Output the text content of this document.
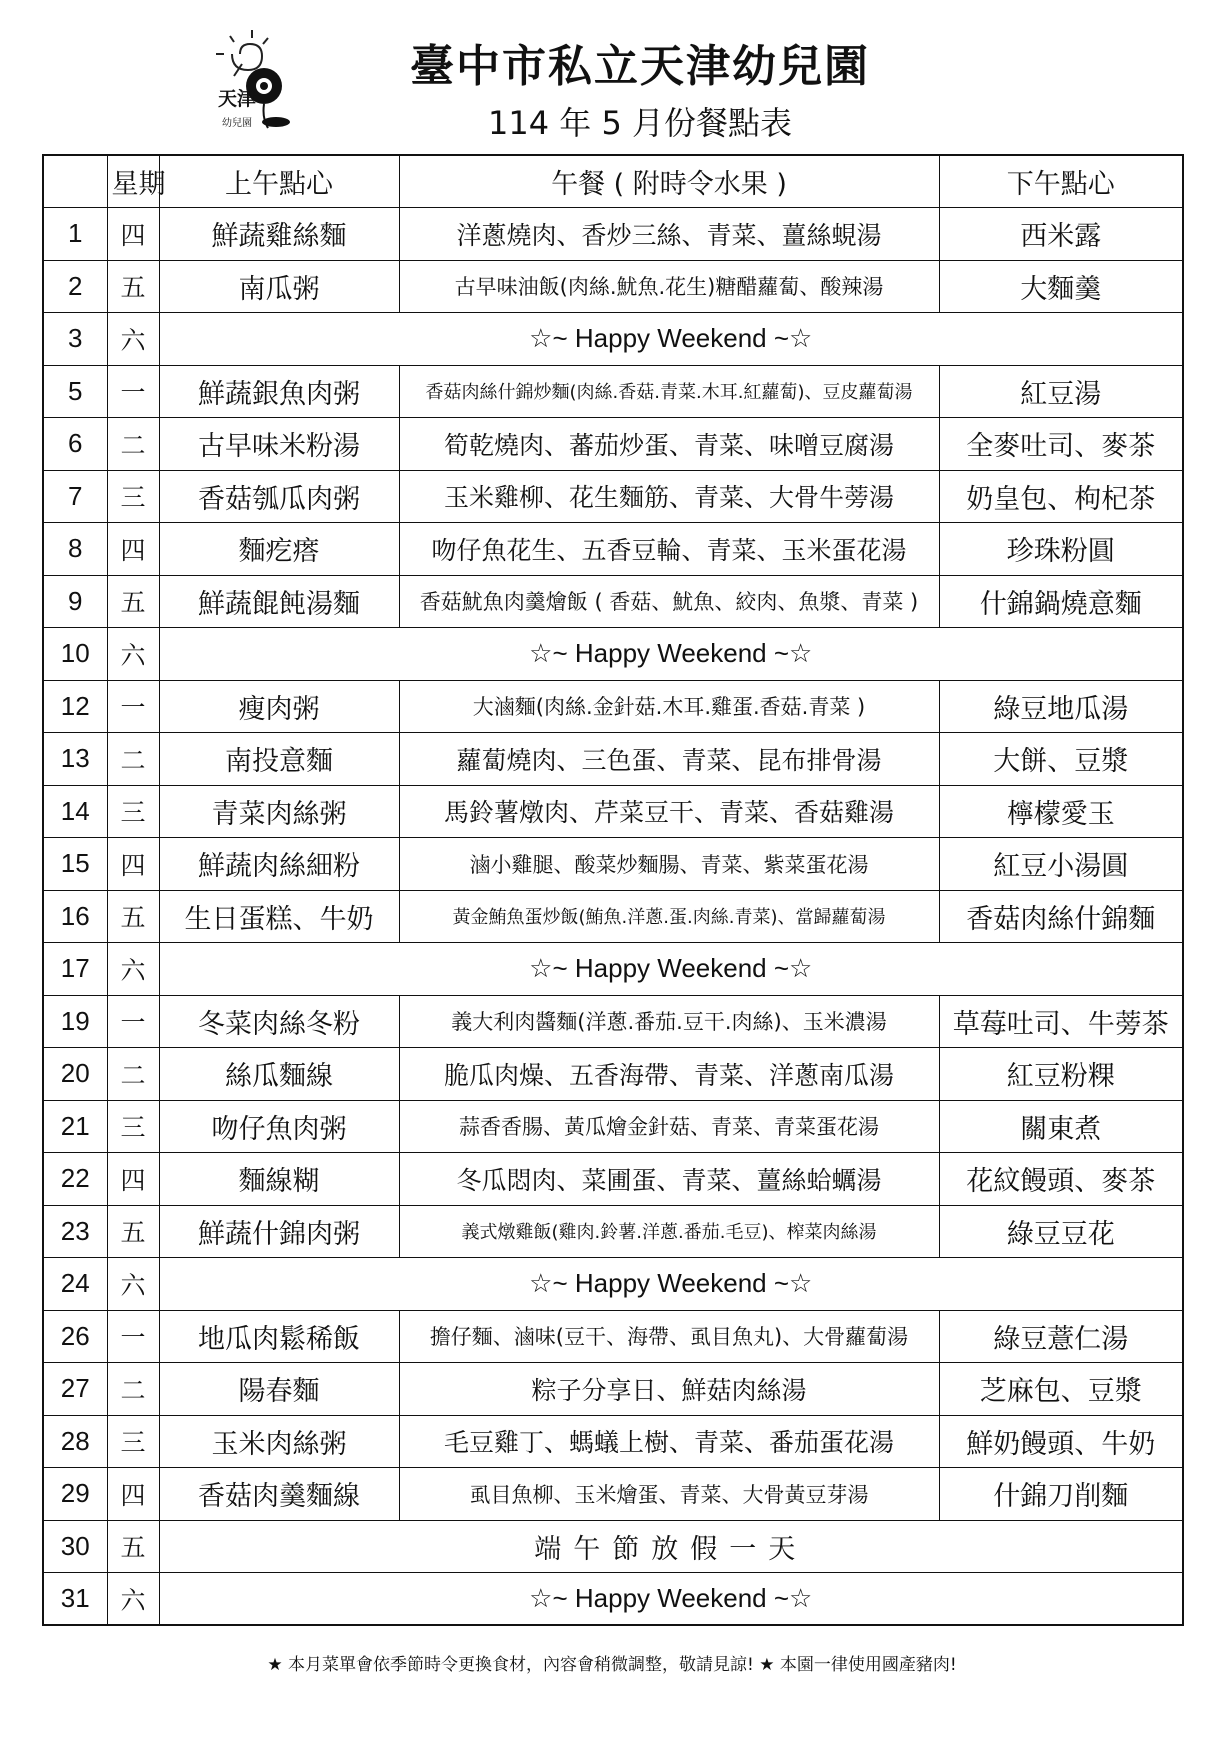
天津
幼兒園
臺中市私立天津幼兒園
114 年 5 月份餐點表
	星期	上午點心	午餐 ( 附時令水果 )	下午點心
1	四	鮮蔬雞絲麵	洋蔥燒肉、香炒三絲、青菜、薑絲蜆湯	西米露
2	五	南瓜粥	古早味油飯(肉絲.魷魚.花生)糖醋蘿蔔、酸辣湯	大麵羹
3	六	☆~ Happy Weekend ~☆		
5	一	鮮蔬銀魚肉粥	香菇肉絲什錦炒麵(肉絲.香菇.青菜.木耳.紅蘿蔔)、豆皮蘿蔔湯	紅豆湯
6	二	古早味米粉湯	筍乾燒肉、蕃茄炒蛋、青菜、味噌豆腐湯	全麥吐司、麥茶
7	三	香菇瓠瓜肉粥	玉米雞柳、花生麵筋、青菜、大骨牛蒡湯	奶皇包、枸杞茶
8	四	麵疙瘩	吻仔魚花生、五香豆輪、青菜、玉米蛋花湯	珍珠粉圓
9	五	鮮蔬餛飩湯麵	香菇魷魚肉羹燴飯 ( 香菇、魷魚、絞肉、魚漿、青菜 )	什錦鍋燒意麵
10	六	☆~ Happy Weekend ~☆		
12	一	瘦肉粥	大滷麵(肉絲.金針菇.木耳.雞蛋.香菇.青菜 )	綠豆地瓜湯
13	二	南投意麵	蘿蔔燒肉、三色蛋、青菜、昆布排骨湯	大餅、豆漿
14	三	青菜肉絲粥	馬鈴薯燉肉、芹菜豆干、青菜、香菇雞湯	檸檬愛玉
15	四	鮮蔬肉絲細粉	滷小雞腿、酸菜炒麵腸、青菜、紫菜蛋花湯	紅豆小湯圓
16	五	生日蛋糕、牛奶	黃金鮪魚蛋炒飯(鮪魚.洋蔥.蛋.肉絲.青菜)、當歸蘿蔔湯	香菇肉絲什錦麵
17	六	☆~ Happy Weekend ~☆		
19	一	冬菜肉絲冬粉	義大利肉醬麵(洋蔥.番茄.豆干.肉絲)、玉米濃湯	草莓吐司、牛蒡茶
20	二	絲瓜麵線	脆瓜肉燥、五香海帶、青菜、洋蔥南瓜湯	紅豆粉粿
21	三	吻仔魚肉粥	蒜香香腸、黃瓜燴金針菇、青菜、青菜蛋花湯	關東煮
22	四	麵線糊	冬瓜悶肉、菜圃蛋、青菜、薑絲蛤蠣湯	花紋饅頭、麥茶
23	五	鮮蔬什錦肉粥	義式燉雞飯(雞肉.鈴薯.洋蔥.番茄.毛豆)、榨菜肉絲湯	綠豆豆花
24	六	☆~ Happy Weekend ~☆		
26	一	地瓜肉鬆稀飯	擔仔麵、滷味(豆干、海帶、虱目魚丸)、大骨蘿蔔湯	綠豆薏仁湯
27	二	陽春麵	粽子分享日、鮮菇肉絲湯	芝麻包、豆漿
28	三	玉米肉絲粥	毛豆雞丁、螞蟻上樹、青菜、番茄蛋花湯	鮮奶饅頭、牛奶
29	四	香菇肉羹麵線	虱目魚柳、玉米燴蛋、青菜、大骨黃豆芽湯	什錦刀削麵
30	五	端午節放假一天		
31	六	☆~ Happy Weekend ~☆		
★ 本月菜單會依季節時令更換食材，內容會稍微調整，敬請見諒! ★ 本園一律使用國產豬肉!
